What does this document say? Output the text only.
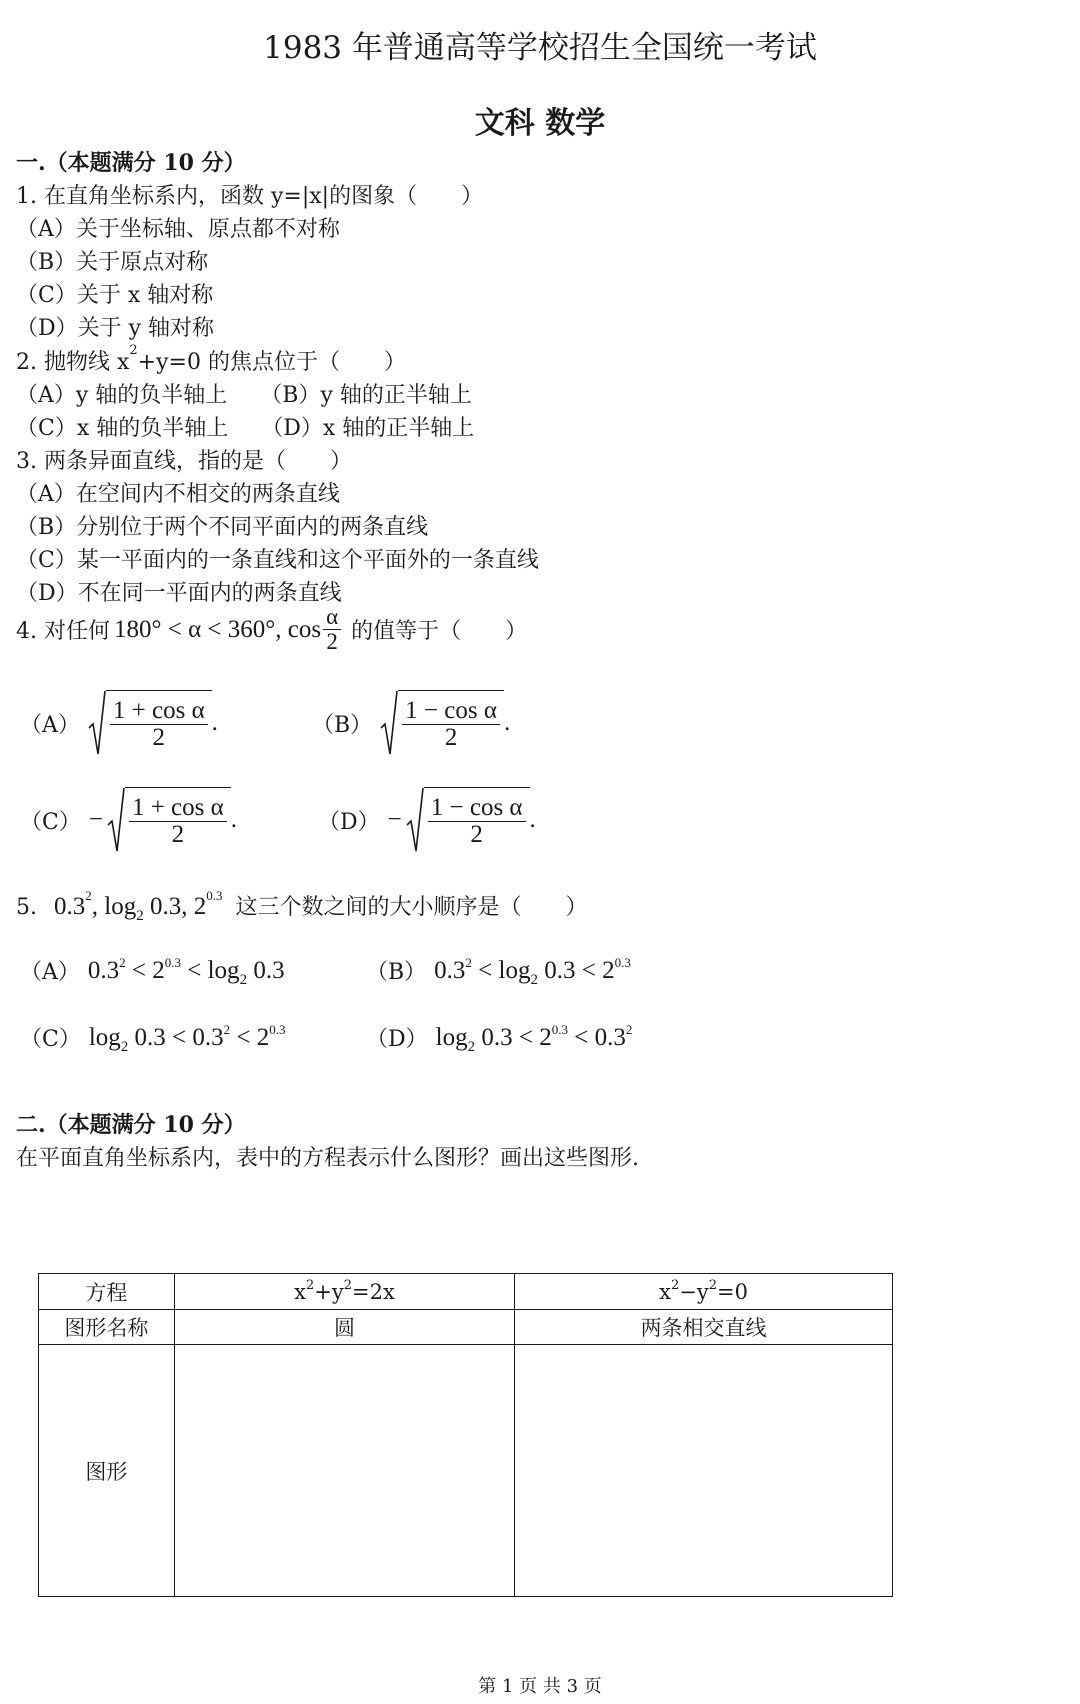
1983 年普通高等学校招生全国统一考试
文科 数学
一.（本题满分 10 分）
1. 在直角坐标系内，函数 y=|x|的图象（　　）
（A）关于坐标轴、原点都不对称
（B）关于原点对称
（C）关于 x 轴对称
（D）关于 y 轴对称
2. 抛物线 $x^2+y=0$ 的焦点位于（　　）
（A）y 轴的负半轴上　　（B）y 轴的正半轴上
（C）x 轴的负半轴上　　（D）x 轴的正半轴上
3. 两条异面直线，指的是（　　）
（A）在空间内不相交的两条直线
（B）分别位于两个不同平面内的两条直线
（C）某一平面内的一条直线和这个平面外的一条直线
（D）不在同一平面内的两条直线
4. 对任何 180° < α < 360°, $\cos \frac{\alpha}{2}$ 的值等于（　　）
$(A) \frac{\text{1 + cos α}}{2}$ .	$(B) \frac{\text{1 − cos α}}{2}$ .
$(C) - \frac{\text{1 + cos α}}{2}$ .	$(D) - \frac{\text{1 − cos α}}{2}$ .
5. $0.3^2$, $\log_2 0.3$, $2^{0.3}$ 这三个数之间的大小顺序是（　　）
（A） $0.3^2 < 2^{0.3} < \log_2 0.3$	（B） $0.3^2 < \log_2 0.3 < 2^{0.3}$
（C） $\log_2 0.3 < 0.3^2 < 2^{0.3}$	（D） $\log_2 0.3 < 2^{0.3} < 0.3^2$
二.（本题满分 10 分）
在平面直角坐标系内，表中的方程表示什么图形？画出这些图形.
方程	$x^2+y^2=2x$	$x^2-y^2=0$
图形名称	圆	两条相交直线
图形		
第 1 页 共 3 页
